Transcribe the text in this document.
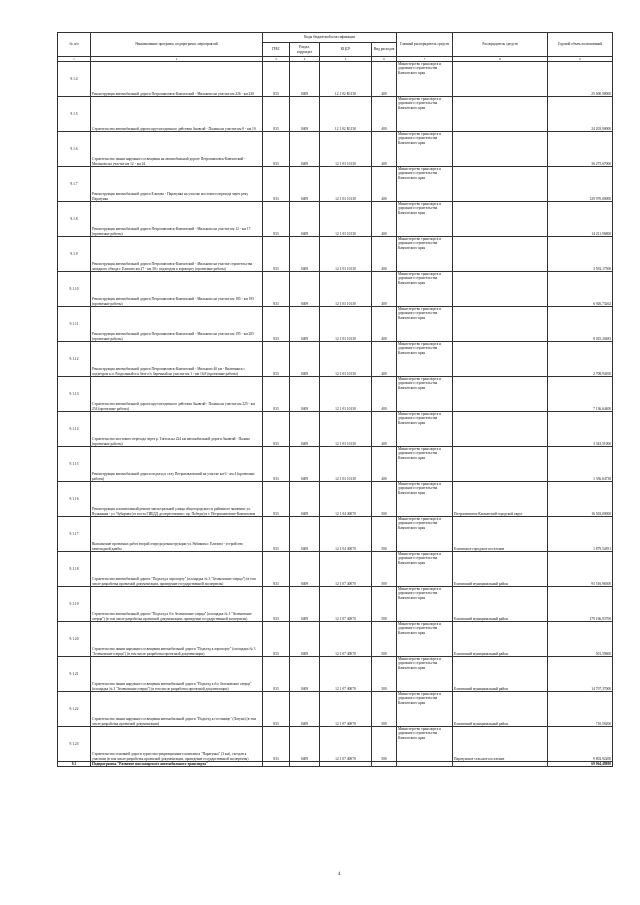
№ п/п	Наименование программ, подпрограмм, мероприятий	Коды бюджетной классификации				Главный распорядитель средств	Распорядитель средств	Годовой объем ассигнований
		ГРБС	Раздел, подраздел	КЦСР	Вид расходов			
1	2	3	4	5	6	7	8	9
9.1.4	Реконструкция автомобильной дороги Петропавловск-Камчатский - Мильково на участке км 226 - км 230	833	0409	12 1 02 R1150	400	Министерство транспорта и дорожного строительства Камчатского края		25 600,90000
9.1.5	Строительство автомобильной дороги круглогодичного действия Анавгай - Палана на участке км 0 - км 10	833	0409	12 1 02 R1150	400	Министерство транспорта и дорожного строительства Камчатского края		24 203,90000
9.1.6	Строительство линии наружного освещения на автомобильной дороге Петропавловск-Камчатский - Мильково на участке км 12 - км 24	833	0409	12 1 03 10130	400	Министерство транспорта и дорожного строительства Камчатского края		36 275,67000
9.1.7	Реконструкция автомобильной дороги Елизово - Паратунка на участке мостового перехода через реку Паратунка	833	0409	12 1 03 10130	400	Министерство транспорта и дорожного строительства Камчатского края		129 970,00000
9.1.8	Реконструкция автомобильной дороги Петропавловск-Камчатский - Мильково на участке км 12 - км 17 (проектные работы)	833	0409	12 1 03 10130	400	Министерство транспорта и дорожного строительства Камчатского края		14 211,96800
9.1.9	Реконструкция автомобильной дороги Петропавловск-Камчатский - Мильково на участке строительства западного обхода г. Елизово км 27 - км 30 с подъездом к аэропорту (проектные работы)	833	0409	12 1 03 10130	400	Министерство транспорта и дорожного строительства Камчатского края		3 592,17500
9.1.10	Реконструкция автомобильной дороги Петропавловск-Камчатский - Мильково на участке км 185 - км 195 (проектные работы)	833	0409	12 1 03 10130	400	Министерство транспорта и дорожного строительства Камчатского края		6 926,73262
9.1.11	Реконструкция автомобильной дороги Петропавловск-Камчатский - Мильково на участке км 195 - км 205 (проектные работы)	833	0409	12 1 03 10130	400	Министерство транспорта и дорожного строительства Камчатского края		8 025,30483
9.1.12	Реконструкция автомобильной дороги Петропавловск-Камчатский - Мильково 40 км - Вилючинск с подъездом к п. Раздольный и к базе о/х Заречный на участке км 1 - км 16,8 (проектные работы)	833	0409	12 1 03 10130	400	Министерство транспорта и дорожного строительства Камчатского края		2 708,94100
9.1.13	Строительство автомобильной дороги круглогодичного действия Анавгай - Палана на участке км 225 - км 234 (проектные работы)	833	0409	12 1 03 10130	400	Министерство транспорта и дорожного строительства Камчатского края		7 136,64400
9.1.14	Строительство мостового перехода через р. Тигиль на 224 км автомобильной дороги Анавгай - Палана (проектные работы)	833	0409	12 1 03 10130	400	Министерство транспорта и дорожного строительства Камчатского края		3 343,51000
9.1.15	Реконструкция автомобильной дороги подъезд к селу Петропавловский на участке км 0 - км 4 (проектные работы)	833	0409	12 1 03 10130	400	Министерство транспорта и дорожного строительства Камчатского края		1 356,64738
9.1.16	Реконструкция и капитальный ремонт магистральной улицы общегородского и районного значения: ул. Вулканная - ул. Чубарова (от поста ГИБДД до пересечения с пр. Победы) в г. Петропавловске-Камчатском	833	0409	12 1 04 40070	500	Министерство транспорта и дорожного строительства Камчатского края	Петропавловск-Камчатский городской округ	16 502,00000
9.1.17	Выполнение проектных работ второй очереди реконструкции ул. Рябикова г. Елизово - устройство пешеходной дамбы	833	0409	12 1 04 40070	500	Министерство транспорта и дорожного строительства Камчатского края	Елизовское городское поселение	1 879,52851
9.1.18	Строительство автомобильной дороги "Подъезд к аэропорту" (площадка № 3 "Зеленовские озерца") (в том числе разработка проектной документации, проведение государственной экспертизы)	833	0409	12 1 07 40070	500	Министерство транспорта и дорожного строительства Камчатского края	Елизовский муниципальный район	93 516,96500
9.1.19	Строительство автомобильной дороги "Подъезд к б/о Зеленовские озерца" (площадка № 3 "Зеленовские озерца") (в том числе разработка проектной документации, проведение государственной экспертизы)	833	0409	12 1 07 40070	500	Министерство транспорта и дорожного строительства Камчатского края	Елизовский муниципальный район	179 166,93700
9.1.20	Строительство линии наружного освещения автомобильной дороги "Подъезд к аэропорту" (площадка № 3 "Зеленовские озерца") (в том числе разработка проектной документации)	833	0409	12 1 07 40070	500	Министерство транспорта и дорожного строительства Камчатского края	Елизовский муниципальный район	501,39600
9.1.21	Строительство линии наружного освещения автомобильной дороги "Подъезд к б/о Зеленовские озерца" (площадка № 3 "Зеленовские озерца") (в том числе разработка проектной документации)	833	0409	12 1 07 40070	500	Министерство транспорта и дорожного строительства Камчатского края	Елизовский муниципальный район	14 707,37000
9.1.22	Строительство линии наружного освещения автомобильной дороги "Подъезд к гостинице" (Лагуна) (в том числе разработка проектной документации)	833	0409	12 1 07 40070	500	Министерство транспорта и дорожного строительства Камчатского края	Елизовский муниципальный район	710,50200
9.1.23	Строительство основной дороги туристско-рекреационного комплекса "Паратунка" (3 км), съездов к участкам (в том числе разработка проектной документации, проведение государственной экспертизы)	833	0409	12 1 07 40070	500	Министерство транспорта и дорожного строительства Камчатского края	Паратунское сельское поселение	9 803,92200
9.2	Подпрограмма "Развитие пассажирского автомобильного транспорта"							69 964,48800
4
